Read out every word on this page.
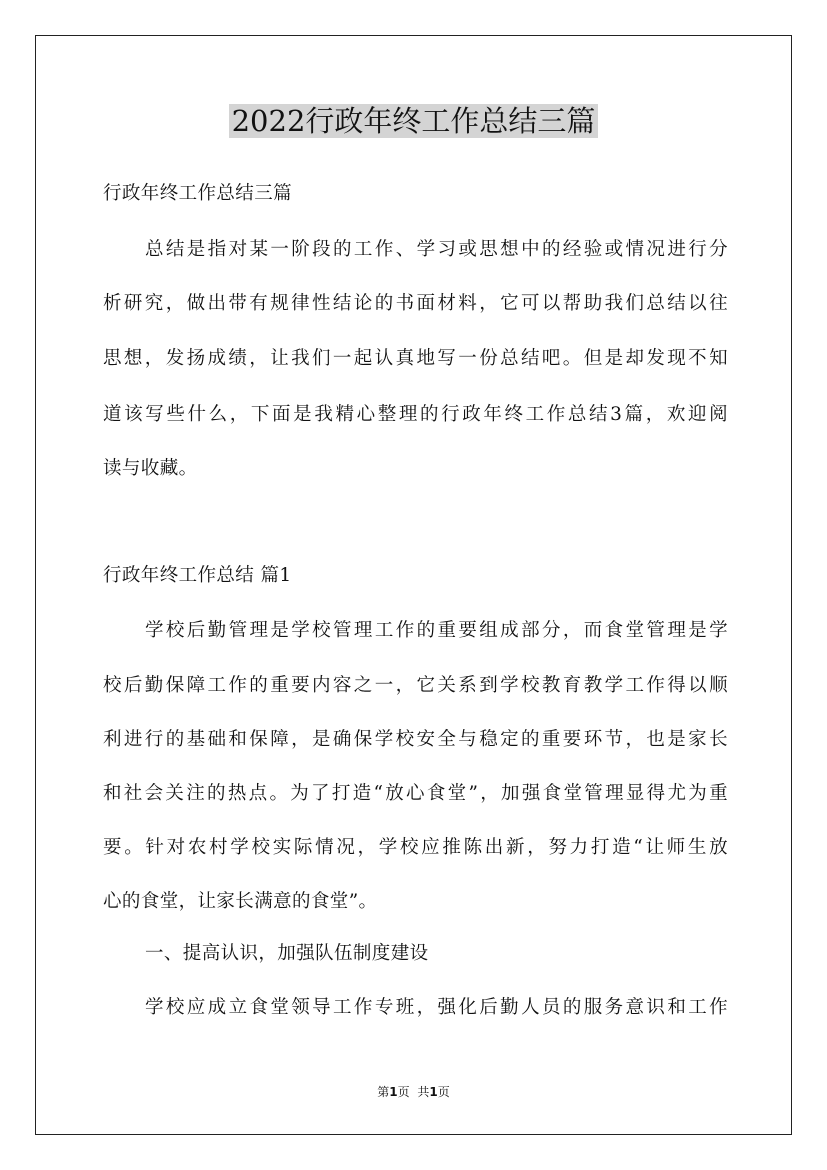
2022行政年终工作总结三篇

行政年终工作总结三篇

总结是指对某一阶段的工作、学习或思想中的经验或情况进行分

析研究，做出带有规律性结论的书面材料，它可以帮助我们总结以往

思想，发扬成绩，让我们一起认真地写一份总结吧。但是却发现不知

道该写些什么，下面是我精心整理的行政年终工作总结3篇，欢迎阅

读与收藏。

行政年终工作总结 篇1

学校后勤管理是学校管理工作的重要组成部分，而食堂管理是学

校后勤保障工作的重要内容之一，它关系到学校教育教学工作得以顺

利进行的基础和保障，是确保学校安全与稳定的重要环节，也是家长

和社会关注的热点。为了打造“放心食堂”，加强食堂管理显得尤为重

要。针对农村学校实际情况，学校应推陈出新，努力打造“让师生放

心的食堂，让家长满意的食堂”。

一、提高认识，加强队伍制度建设

学校应成立食堂领导工作专班，强化后勤人员的服务意识和工作

第1页 共1页
